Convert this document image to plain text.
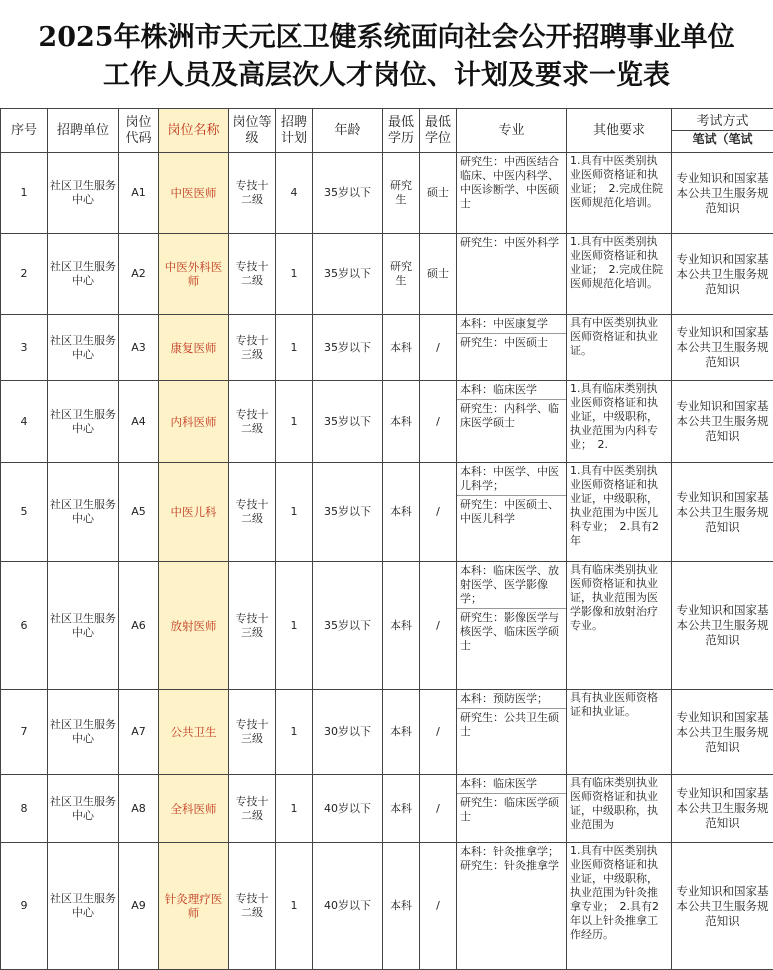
2025年株洲市天元区卫健系统面向社会公开招聘事业单位
工作人员及高层次人才岗位、计划及要求一览表
序号	招聘单位	岗位代码	岗位名称	岗位等级	招聘计划	年龄	最低学历	最低学位	专业	其他要求	考试方式
笔试（笔试

1	社区卫生服务中心	A1	中医医师	专技十二级	4	35岁以下	研究生	硕士	研究生：中西医结合临床、中医内科学、中医诊断学、中医硕士	1.具有中医类别执业医师资格证和执业证；　2.完成住院医师规范化培训。	专业知识和国家基本公共卫生服务规范知识
2	社区卫生服务中心	A2	中医外科医师	专技十二级	1	35岁以下	研究生	硕士	研究生：中医外科学	1.具有中医类别执业医师资格证和执业证；　2.完成住院医师规范化培训。	专业知识和国家基本公共卫生服务规范知识
3	社区卫生服务中心	A3	康复医师	专技十三级	1	35岁以下	本科	/	本科：中医康复学
研究生：中医硕士	具有中医类别执业医师资格证和执业证。	专业知识和国家基本公共卫生服务规范知识
4	社区卫生服务中心	A4	内科医师	专技十二级	1	35岁以下	本科	/	本科：临床医学
研究生：内科学、临床医学硕士	1.具有临床类别执业医师资格证和执业证，中级职称，执业范围为内科专业；　2.	专业知识和国家基本公共卫生服务规范知识
5	社区卫生服务中心	A5	中医儿科	专技十二级	1	35岁以下	本科	/	本科：中医学、中医儿科学；
研究生：中医硕士、中医儿科学	1.具有中医类别执业医师资格证和执业证，中级职称，执业范围为中医儿科专业；　2.具有2年	专业知识和国家基本公共卫生服务规范知识
6	社区卫生服务中心	A6	放射医师	专技十三级	1	35岁以下	本科	/	本科：临床医学、放射医学、医学影像学；
研究生：影像医学与核医学、临床医学硕士	具有临床类别执业医师资格证和执业证，执业范围为医学影像和放射治疗专业。	专业知识和国家基本公共卫生服务规范知识
7	社区卫生服务中心	A7	公共卫生	专技十三级	1	30岁以下	本科	/	本科：预防医学；
研究生：公共卫生硕士	具有执业医师资格证和执业证。	专业知识和国家基本公共卫生服务规范知识
8	社区卫生服务中心	A8	全科医师	专技十二级	1	40岁以下	本科	/	本科：临床医学
研究生：临床医学硕士	具有临床类别执业医师资格证和执业证，中级职称，执业范围为	专业知识和国家基本公共卫生服务规范知识
9	社区卫生服务中心	A9	针灸理疗医师	专技十二级	1	40岁以下	本科	/	本科：针灸推拿学；　研究生：针灸推拿学	1.具有中医类别执业医师资格证和执业证，中级职称，执业范围为针灸推拿专业；　2.具有2年以上针灸推拿工作经历。	专业知识和国家基本公共卫生服务规范知识
